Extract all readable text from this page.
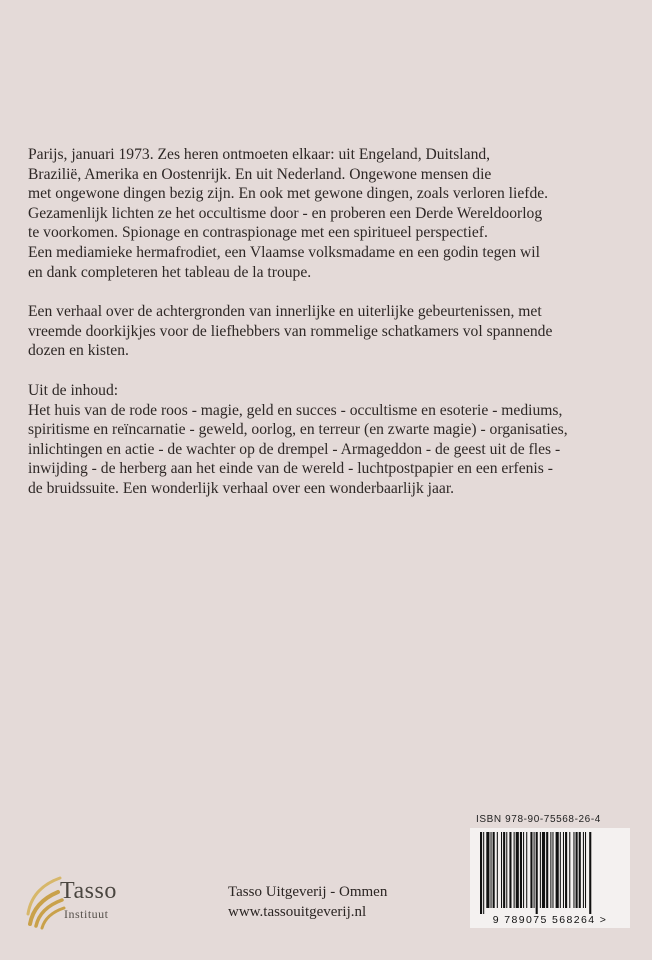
Parijs, januari 1973. Zes heren ontmoeten elkaar: uit Engeland, Duitsland,
Brazilië, Amerika en Oostenrijk. En uit Nederland. Ongewone mensen die
met ongewone dingen bezig zijn. En ook met gewone dingen, zoals verloren liefde.
Gezamenlijk lichten ze het occultisme door - en proberen een Derde Wereldoorlog
te voorkomen. Spionage en contraspionage met een spiritueel perspectief.
Een mediamieke hermafrodiet, een Vlaamse volksmadame en een godin tegen wil
en dank completeren het tableau de la troupe.

Een verhaal over de achtergronden van innerlijke en uiterlijke gebeurtenissen, met
vreemde doorkijkjes voor de liefhebbers van rommelige schatkamers vol spannende
dozen en kisten.

Uit de inhoud:
Het huis van de rode roos - magie, geld en succes - occultisme en esoterie - mediums,
spiritisme en reïncarnatie - geweld, oorlog, en terreur (en zwarte magie) - organisaties,
inlichtingen en actie - de wachter op de drempel - Armageddon - de geest uit de fles -
inwijding - de herberg aan het einde van de wereld - luchtpostpapier en een erfenis -
de bruidssuite. Een wonderlijk verhaal over een wonderbaarlijk jaar.

ISBN 978-90-75568-26-4
9 789075 568264 >
Tasso
Instituut
Tasso Uitgeverij - Ommen
www.tassouitgeverij.nl
